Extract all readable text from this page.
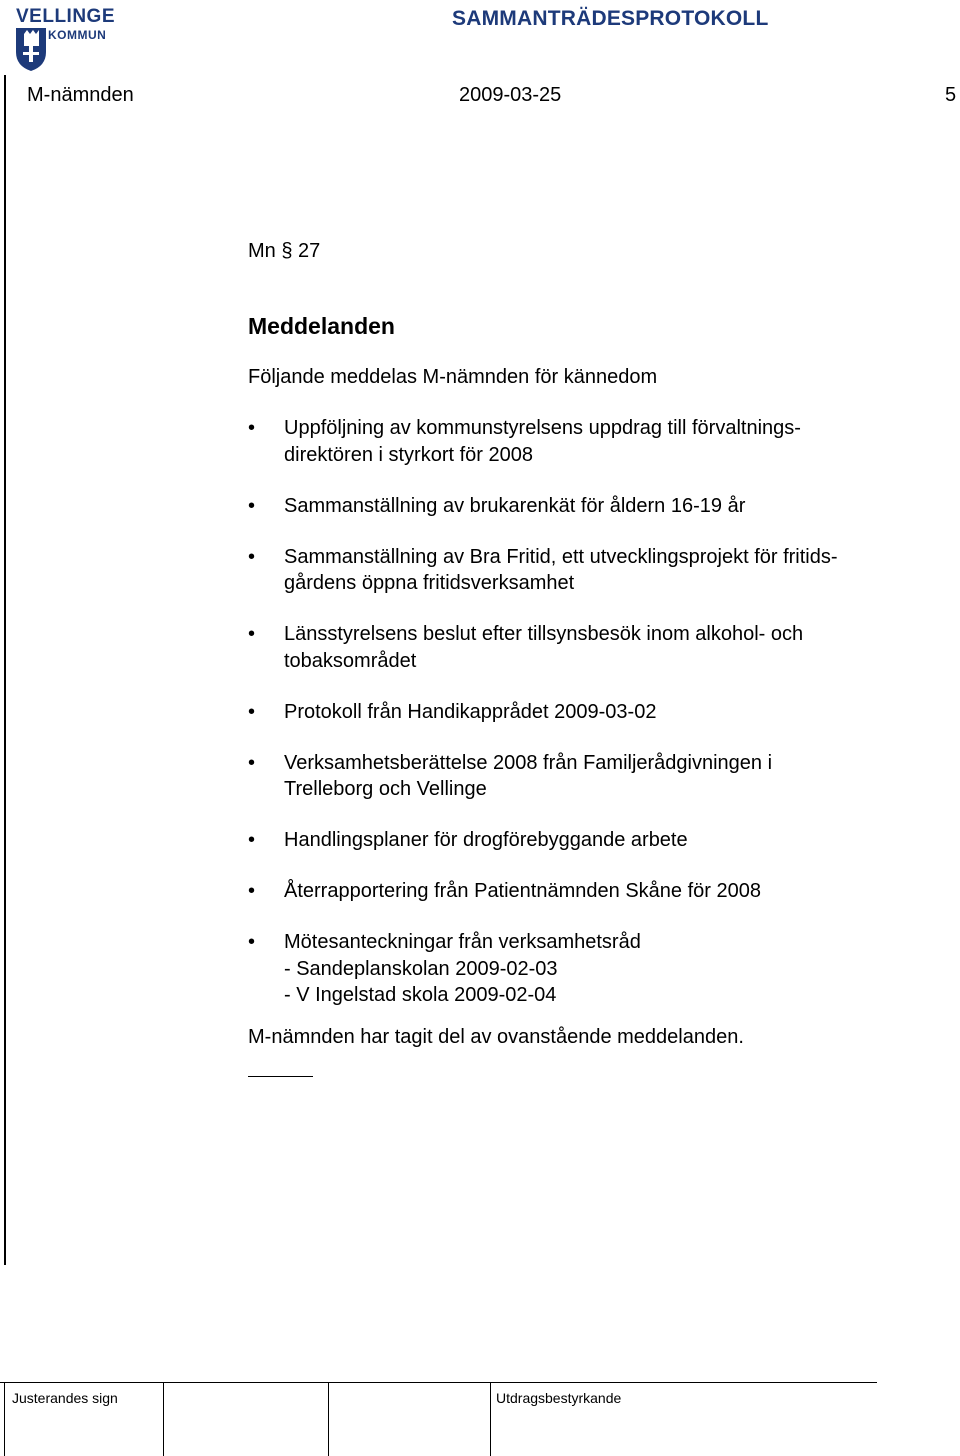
VELLINGE
KOMMUN
SAMMANTRÄDESPROTOKOLL
M-nämnden	2009-03-25	5
Mn § 27
Meddelanden
Följande meddelas M-nämnden för kännedom
• Uppföljning av kommunstyrelsens uppdrag till förvaltnings-
direktören i styrkort för 2008
• Sammanställning av brukarenkät för åldern 16-19 år
• Sammanställning av Bra Fritid, ett utvecklingsprojekt för fritids-
gårdens öppna fritidsverksamhet
• Länsstyrelsens beslut efter tillsynsbesök inom alkohol- och
tobaksområdet
• Protokoll från Handikapprådet 2009-03-02
• Verksamhetsberättelse 2008 från Familjerådgivningen i
Trelleborg och Vellinge
• Handlingsplaner för drogförebyggande arbete
• Återrapportering från Patientnämnden Skåne för 2008
• Mötesanteckningar från verksamhetsråd
- Sandeplanskolan 2009-02-03
- V Ingelstad skola 2009-02-04
M-nämnden har tagit del av ovanstående meddelanden.
Justerandes sign	Utdragsbestyrkande
